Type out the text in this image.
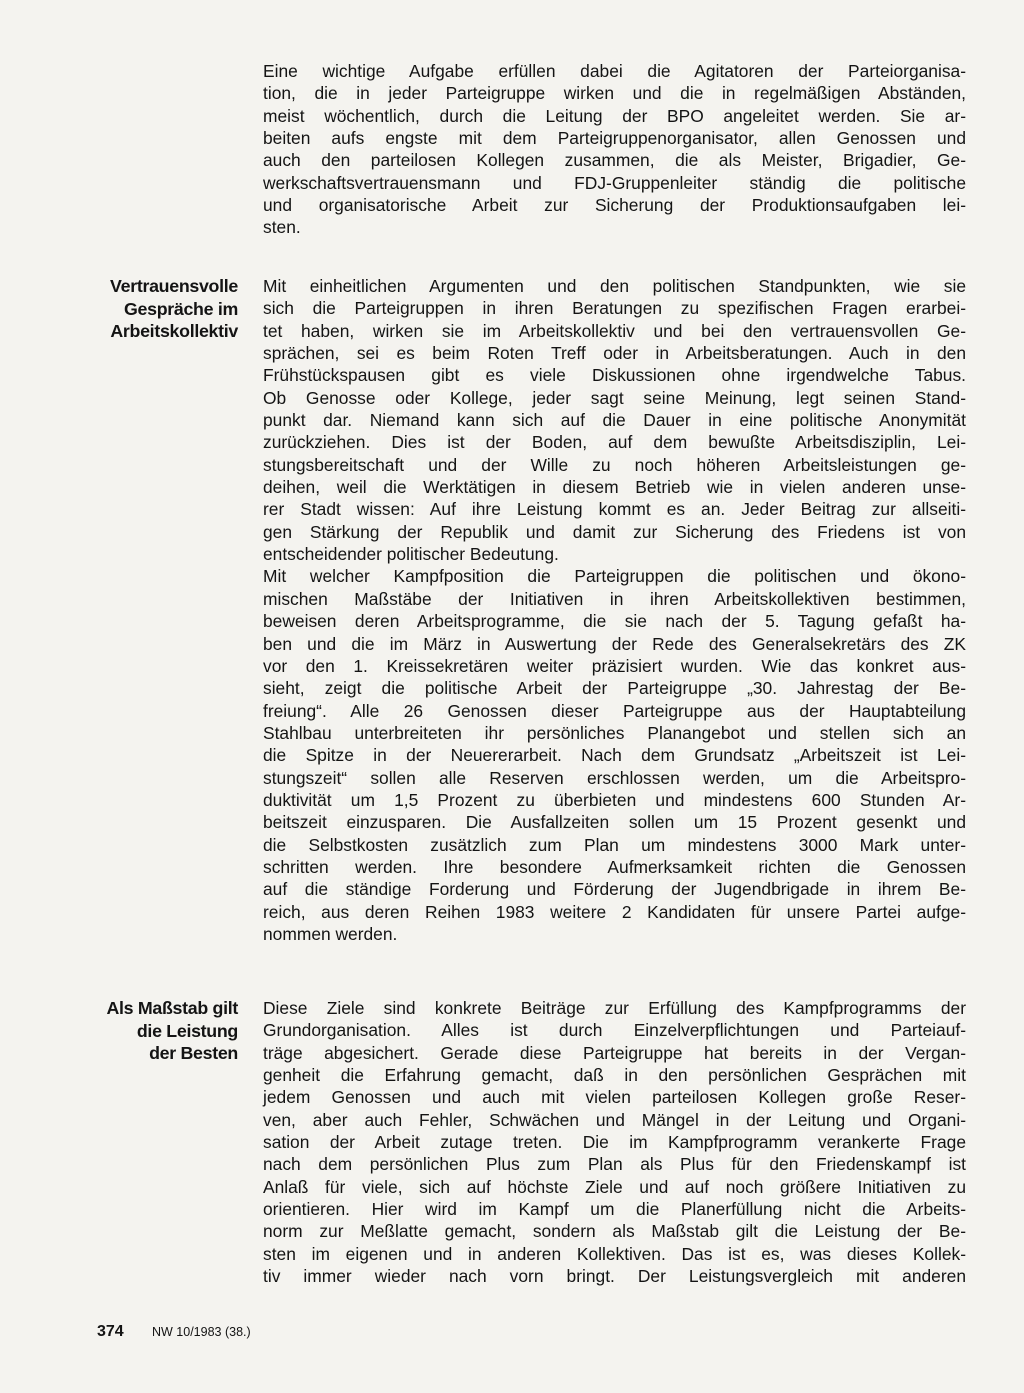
Eine wichtige Aufgabe erfüllen dabei die Agitatoren der Parteiorganisa-
tion, die in jeder Parteigruppe wirken und die in regelmäßigen Abständen,
meist wöchentlich, durch die Leitung der BPO angeleitet werden. Sie ar-
beiten aufs engste mit dem Parteigruppenorganisator, allen Genossen und
auch den parteilosen Kollegen zusammen, die als Meister, Brigadier, Ge-
werkschaftsvertrauensmann und FDJ-Gruppenleiter ständig die politische
und organisatorische Arbeit zur Sicherung der Produktionsaufgaben lei-
sten.
Vertrauensvolle
Gespräche im
Arbeitskollektiv
Mit einheitlichen Argumenten und den politischen Standpunkten, wie sie
sich die Parteigruppen in ihren Beratungen zu spezifischen Fragen erarbei-
tet haben, wirken sie im Arbeitskollektiv und bei den vertrauensvollen Ge-
sprächen, sei es beim Roten Treff oder in Arbeitsberatungen. Auch in den
Frühstückspausen gibt es viele Diskussionen ohne irgendwelche Tabus.
Ob Genosse oder Kollege, jeder sagt seine Meinung, legt seinen Stand-
punkt dar. Niemand kann sich auf die Dauer in eine politische Anonymität
zurückziehen. Dies ist der Boden, auf dem bewußte Arbeitsdisziplin, Lei-
stungsbereitschaft und der Wille zu noch höheren Arbeitsleistungen ge-
deihen, weil die Werktätigen in diesem Betrieb wie in vielen anderen unse-
rer Stadt wissen: Auf ihre Leistung kommt es an. Jeder Beitrag zur allseiti-
gen Stärkung der Republik und damit zur Sicherung des Friedens ist von
entscheidender politischer Bedeutung.
Mit welcher Kampfposition die Parteigruppen die politischen und ökono-
mischen Maßstäbe der Initiativen in ihren Arbeitskollektiven bestimmen,
beweisen deren Arbeitsprogramme, die sie nach der 5. Tagung gefaßt ha-
ben und die im März in Auswertung der Rede des Generalsekretärs des ZK
vor den 1. Kreissekretären weiter präzisiert wurden. Wie das konkret aus-
sieht, zeigt die politische Arbeit der Parteigruppe „30. Jahrestag der Be-
freiung“. Alle 26 Genossen dieser Parteigruppe aus der Hauptabteilung
Stahlbau unterbreiteten ihr persönliches Planangebot und stellen sich an
die Spitze in der Neuererarbeit. Nach dem Grundsatz „Arbeitszeit ist Lei-
stungszeit“ sollen alle Reserven erschlossen werden, um die Arbeitspro-
duktivität um 1,5 Prozent zu überbieten und mindestens 600 Stunden Ar-
beitszeit einzusparen. Die Ausfallzeiten sollen um 15 Prozent gesenkt und
die Selbstkosten zusätzlich zum Plan um mindestens 3000 Mark unter-
schritten werden. Ihre besondere Aufmerksamkeit richten die Genossen
auf die ständige Forderung und Förderung der Jugendbrigade in ihrem Be-
reich, aus deren Reihen 1983 weitere 2 Kandidaten für unsere Partei aufge-
nommen werden.
Als Maßstab gilt
die Leistung
der Besten
Diese Ziele sind konkrete Beiträge zur Erfüllung des Kampfprogramms der
Grundorganisation. Alles ist durch Einzelverpflichtungen und Parteiauf-
träge abgesichert. Gerade diese Parteigruppe hat bereits in der Vergan-
genheit die Erfahrung gemacht, daß in den persönlichen Gesprächen mit
jedem Genossen und auch mit vielen parteilosen Kollegen große Reser-
ven, aber auch Fehler, Schwächen und Mängel in der Leitung und Organi-
sation der Arbeit zutage treten. Die im Kampfprogramm verankerte Frage
nach dem persönlichen Plus zum Plan als Plus für den Friedenskampf ist
Anlaß für viele, sich auf höchste Ziele und auf noch größere Initiativen zu
orientieren. Hier wird im Kampf um die Planerfüllung nicht die Arbeits-
norm zur Meßlatte gemacht, sondern als Maßstab gilt die Leistung der Be-
sten im eigenen und in anderen Kollektiven. Das ist es, was dieses Kollek-
tiv immer wieder nach vorn bringt. Der Leistungsvergleich mit anderen
374 NW 10/1983 (38.)
